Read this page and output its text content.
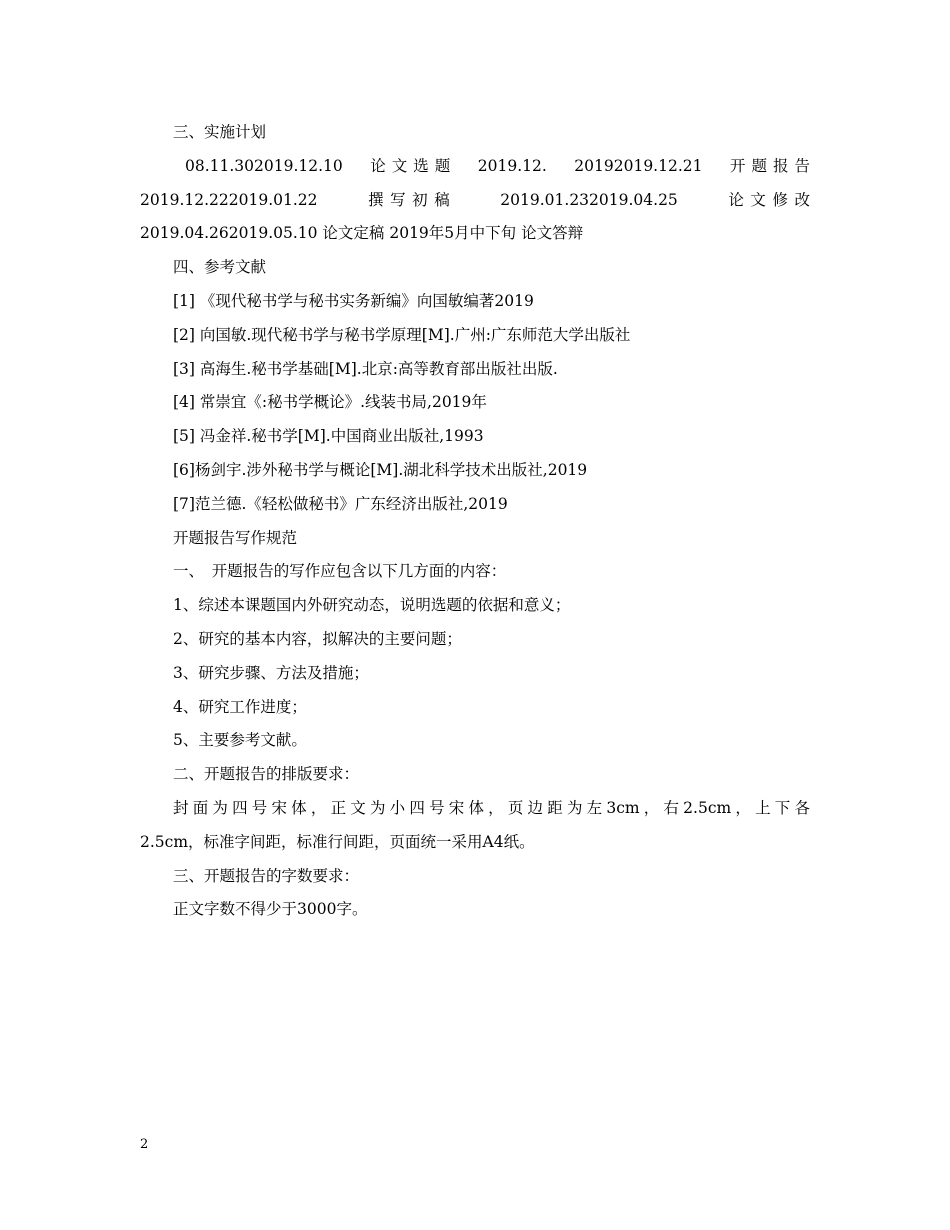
三、实施计划
08.11.302019.12.10　论文选题　2019.12.　20192019.12.21　开题报告
2019.12.222019.01.22　　撰写初稿　　2019.01.232019.04.25　　论文修改
2019.04.262019.05.10 论文定稿 2019年5月中下旬 论文答辩
四、参考文献
[1] 《现代秘书学与秘书实务新编》向国敏编著2019
[2] 向国敏.现代秘书学与秘书学原理[M].广州:广东师范大学出版社
[3] 高海生.秘书学基础[M].北京:高等教育部出版社出版.
[4] 常崇宜《:秘书学概论》.线装书局,2019年
[5] 冯金祥.秘书学[M].中国商业出版社,1993
[6]杨剑宇.涉外秘书学与概论[M].湖北科学技术出版社,2019
[7]范兰德.《轻松做秘书》广东经济出版社,2019
开题报告写作规范
一、　开题报告的写作应包含以下几方面的内容：
1、综述本课题国内外研究动态，说明选题的依据和意义；
2、研究的基本内容，拟解决的主要问题；
3、研究步骤、方法及措施；
4、研究工作进度；
5、主要参考文献。
二、开题报告的排版要求：
封面为四号宋体，正文为小四号宋体，页边距为左3cm，右2.5cm，上下各
2.5cm，标准字间距，标准行间距，页面统一采用A4纸。
三、开题报告的字数要求：
正文字数不得少于3000字。
2
